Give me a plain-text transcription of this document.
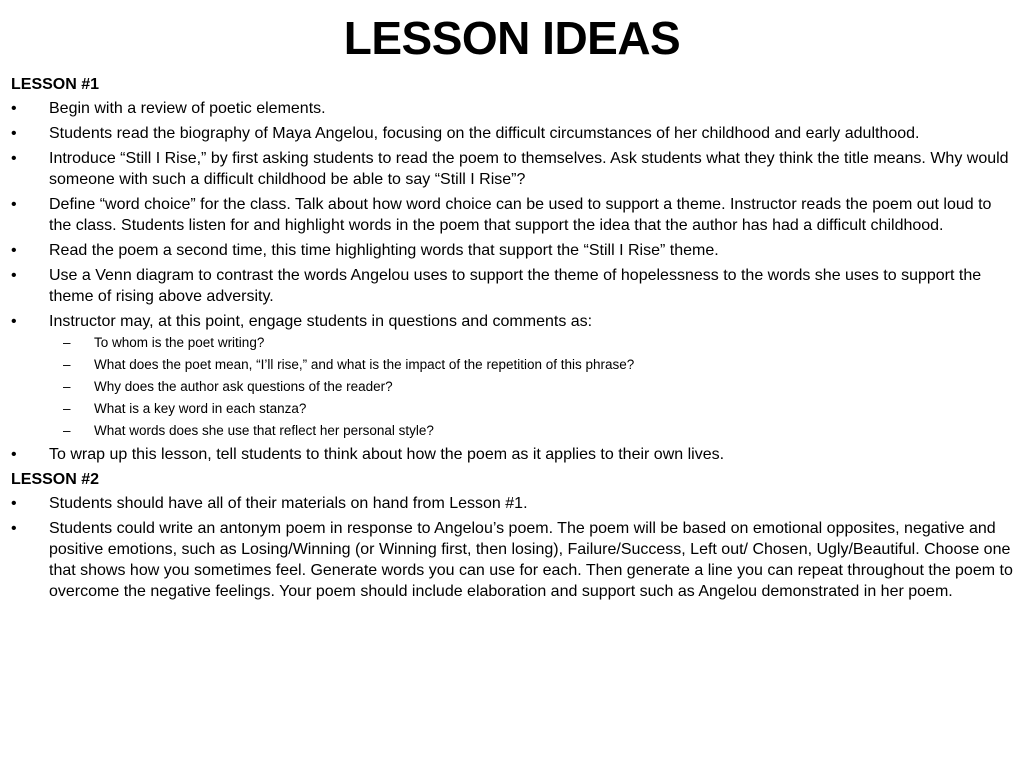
LESSON IDEAS
LESSON #1
• Begin with a review of poetic elements.
• Students read the biography of Maya Angelou, focusing on the difficult circumstances of her childhood and early adulthood.
• Introduce “Still I Rise,” by first asking students to read the poem to themselves. Ask students what they think the title means. Why would someone with such a difficult childhood be able to say “Still I Rise”?
• Define “word choice” for the class. Talk about how word choice can be used to support a theme. Instructor reads the poem out loud to the class. Students listen for and highlight words in the poem that support the idea that the author has had a difficult childhood.
• Read the poem a second time, this time highlighting words that support the “Still I Rise” theme.
• Use a Venn diagram to contrast the words Angelou uses to support the theme of hopelessness to the words she uses to support the theme of rising above adversity.
• Instructor may, at this point, engage students in questions and comments as:
– To whom is the poet writing?
– What does the poet mean, “I’ll rise,” and what is the impact of the repetition of this phrase?
– Why does the author ask questions of the reader?
– What is a key word in each stanza?
– What words does she use that reflect her personal style?
• To wrap up this lesson, tell students to think about how the poem as it applies to their own lives.
LESSON #2
• Students should have all of their materials on hand from Lesson #1.
• Students could write an antonym poem in response to Angelou’s poem. The poem will be based on emotional opposites, negative and positive emotions, such as Losing/Winning (or Winning first, then losing), Failure/Success, Left out/ Chosen, Ugly/Beautiful. Choose one that shows how you sometimes feel. Generate words you can use for each. Then generate a line you can repeat throughout the poem to overcome the negative feelings. Your poem should include elaboration and support such as Angelou demonstrated in her poem.
